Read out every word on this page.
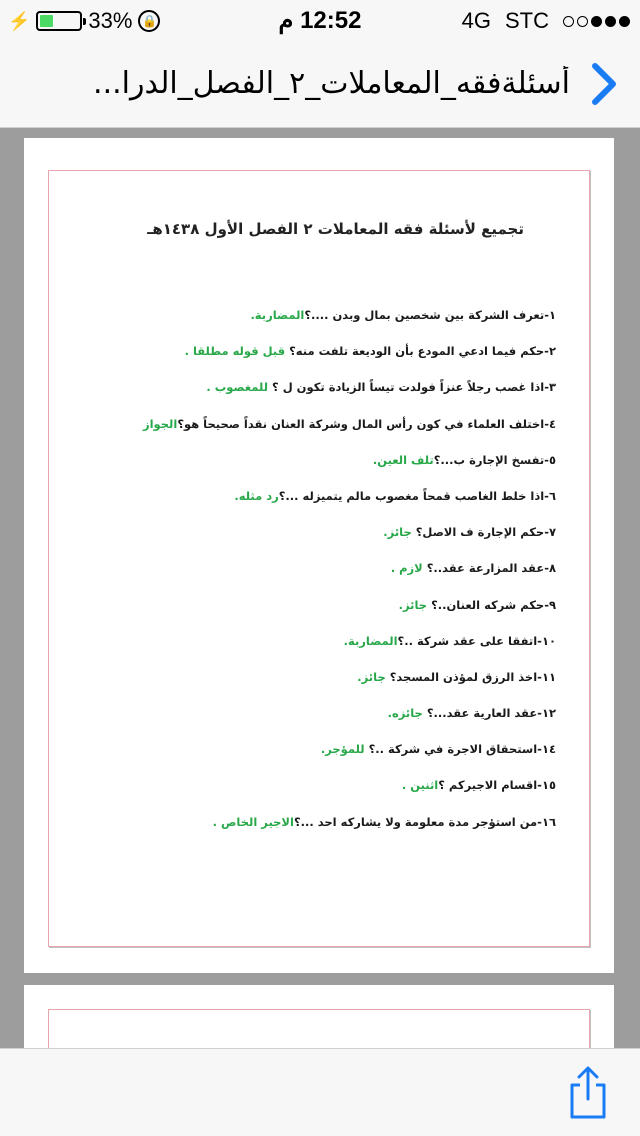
⚡	33% 🔒	12:52 م	4G STC
أسئلةفقه_المعاملات_٢_الفصل_الدرا...
تجميع لأسئلة فقه المعاملات ٢ الفصل الأول ١٤٣٨هـ
١-تعرف الشركة بين شخصين بمال وبدن ....؟المضاربة.
٢-حكم فيما ادعي المودع بأن الوديعة تلفت منه؟ قبل قوله مطلقا .
٣-اذا غصب رجلاً عنزاً فولدت تيساً الزيادة تكون ل ؟ للمغصوب .
٤-اختلف العلماء في كون رأس المال وشركة العنان نقداً صحيحاً هو؟الجواز
٥-تفسخ الإجارة ب...؟تلف العين.
٦-اذا خلط الغاصب قمحاً مغصوب مالم يتميزله ...؟رد مثله.
٧-حكم الإجارة ف الاصل؟ جائز.
٨-عقد المزارعة عقد..؟ لازم .
٩-حكم شركه العنان..؟ جائز.
١٠-اتفقا على عقد شركة ..؟المضاربة.
١١-اخذ الرزق لمؤذن المسجد؟ جائز.
١٢-عقد العارية عقد...؟ جائزه.
١٤-استحقاق الاجرة في شركة ..؟ للمؤجر.
١٥-اقسام الاجيركم ؟اثنين .
١٦-من استؤجر مدة معلومة ولا يشاركه احد ...؟الاجير الخاص .
